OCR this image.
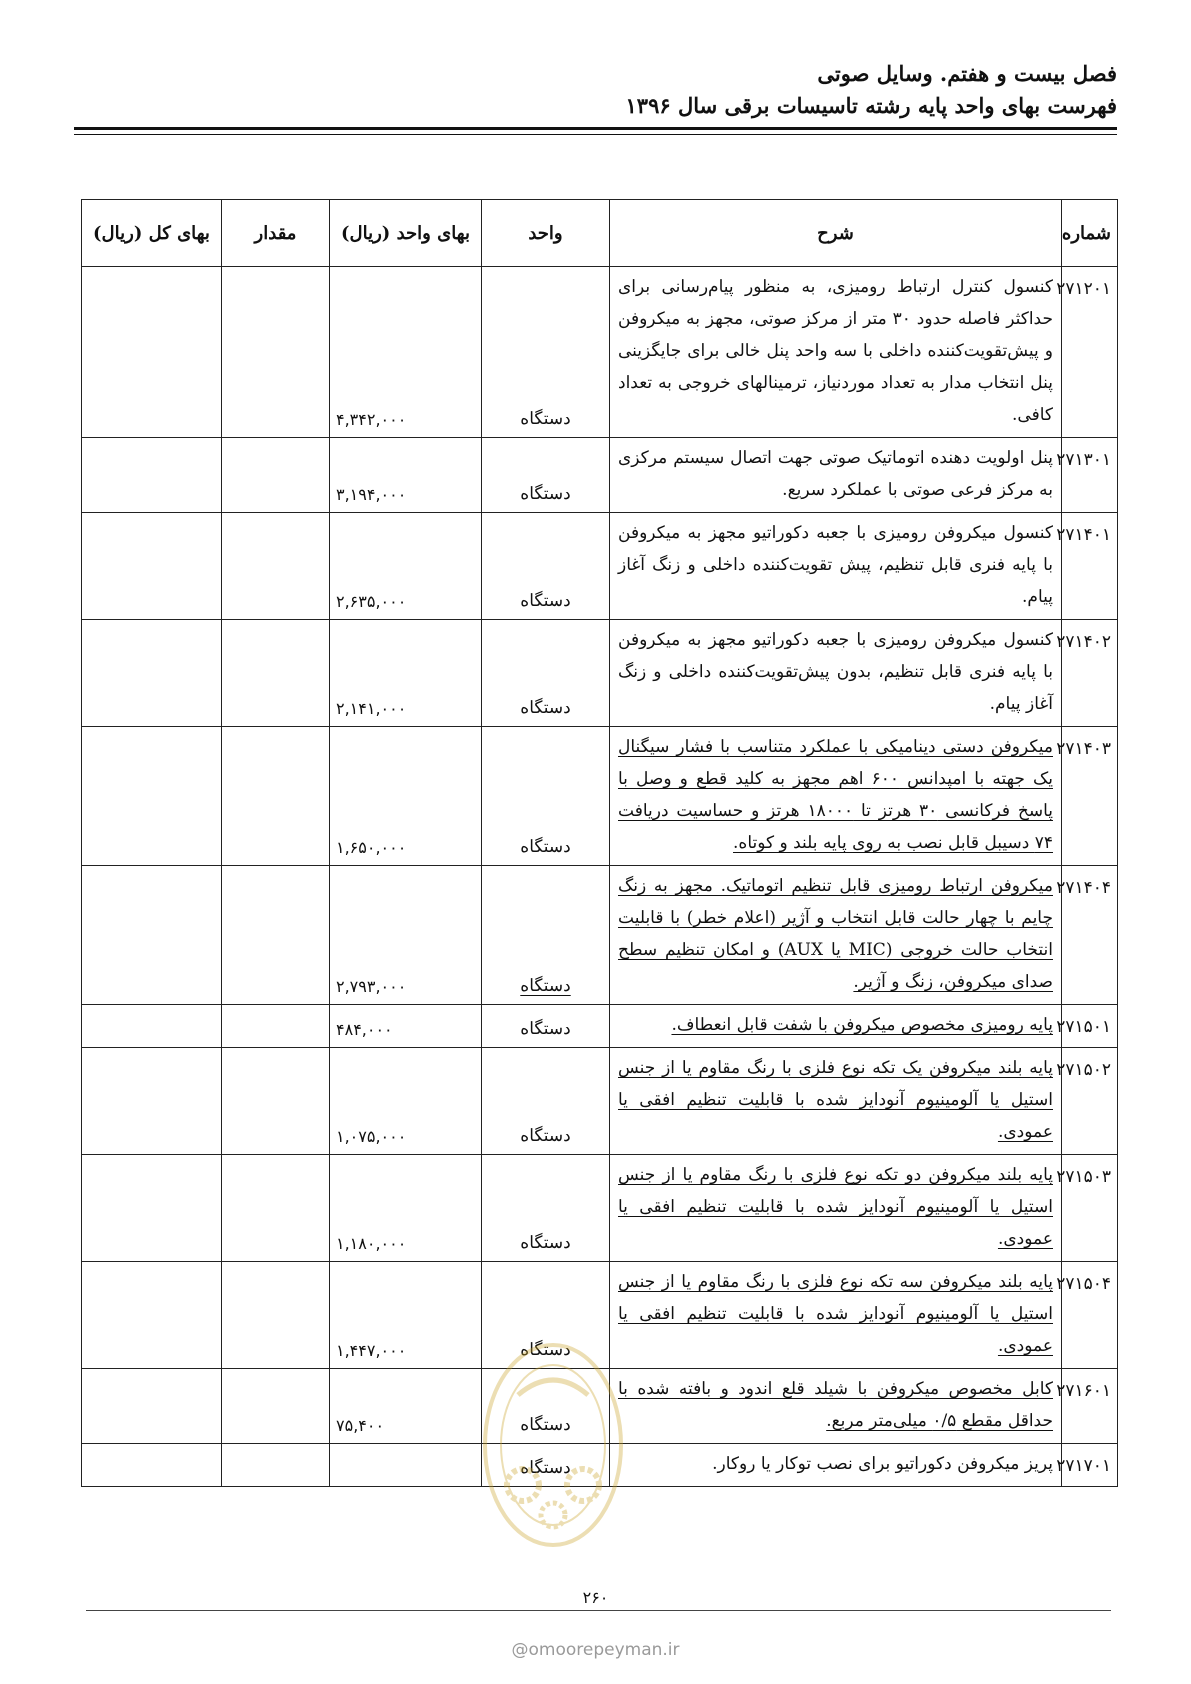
فصل بیست و هفتم. وسایل صوتی
فهرست بهای واحد پایه رشته تاسیسات برقی سال ۱۳۹۶
شماره	شرح	واحد	بهای واحد (ریال)	مقدار	بهای کل (ریال)
۲۷۱۲۰۱	کنسول کنترل ارتباط رومیزی، به منظور پیام‌رسانی برای حداکثر فاصله حدود ۳۰ متر از مرکز صوتی، مجهز به میکروفن و پیش‌تقویت‌کننده داخلی با سه واحد پنل خالی برای جایگزینی پنل انتخاب مدار به تعداد موردنیاز، ترمینالهای خروجی به تعداد کافی.	دستگاه	۴,۳۴۲,۰۰۰		
۲۷۱۳۰۱	پنل اولویت دهنده اتوماتیک صوتی جهت اتصال سیستم مرکزی به مرکز فرعی صوتی با عملکرد سریع.	دستگاه	۳,۱۹۴,۰۰۰		
۲۷۱۴۰۱	کنسول میکروفن رومیزی با جعبه دکوراتیو مجهز به میکروفن با پایه فنری قابل تنظیم، پیش تقویت‌کننده داخلی و زنگ آغاز پیام.	دستگاه	۲,۶۳۵,۰۰۰		
۲۷۱۴۰۲	کنسول میکروفن رومیزی با جعبه دکوراتیو مجهز به میکروفن با پایه فنری قابل تنظیم، بدون پیش‌تقویت‌کننده داخلی و زنگ آغاز پیام.	دستگاه	۲,۱۴۱,۰۰۰		
۲۷۱۴۰۳	میکروفن دستی دینامیکی با عملکرد متناسب با فشار سیگنال یک جهته با امپدانس ۶۰۰ اهم مجهز به کلید قطع و وصل با پاسخ فرکانسی ۳۰ هرتز تا ۱۸۰۰۰ هرتز و حساسیت دریافت ۷۴ دسیبل قابل نصب به روی پایه بلند و کوتاه.	دستگاه	۱,۶۵۰,۰۰۰		
۲۷۱۴۰۴	میکروفن ارتباط رومیزی قابل تنظیم اتوماتیک. مجهز به زنگ چایم با چهار حالت قابل انتخاب و آژیر (اعلام خطر) با قابلیت انتخاب حالت خروجی (MIC یا AUX) و امکان تنظیم سطح صدای میکروفن، زنگ و آژیر.	دستگاه	۲,۷۹۳,۰۰۰		
۲۷۱۵۰۱	پایه رومیزی مخصوص میکروفن با شفت قابل انعطاف.	دستگاه	۴۸۴,۰۰۰		
۲۷۱۵۰۲	پایه بلند میکروفن یک تکه نوع فلزی با رنگ مقاوم یا از جنس استیل یا آلومینیوم آنودایز شده با قابلیت تنظیم افقی یا عمودی.	دستگاه	۱,۰۷۵,۰۰۰		
۲۷۱۵۰۳	پایه بلند میکروفن دو تکه نوع فلزی با رنگ مقاوم یا از جنس استیل یا آلومینیوم آنودایز شده با قابلیت تنظیم افقی یا عمودی.	دستگاه	۱,۱۸۰,۰۰۰		
۲۷۱۵۰۴	پایه بلند میکروفن سه تکه نوع فلزی با رنگ مقاوم یا از جنس استیل یا آلومینیوم آنودایز شده با قابلیت تنظیم افقی یا عمودی.	دستگاه	۱,۴۴۷,۰۰۰		
۲۷۱۶۰۱	کابل مخصوص میکروفن با شیلد قلع اندود و بافته شده با حداقل مقطع ۰/۵ میلی‌متر مربع.	دستگاه	۷۵,۴۰۰		
۲۷۱۷۰۱	پریز میکروفن دکوراتیو برای نصب توکار یا روکار.	دستگاه			
۲۶۰
@omoorepeyman.ir
